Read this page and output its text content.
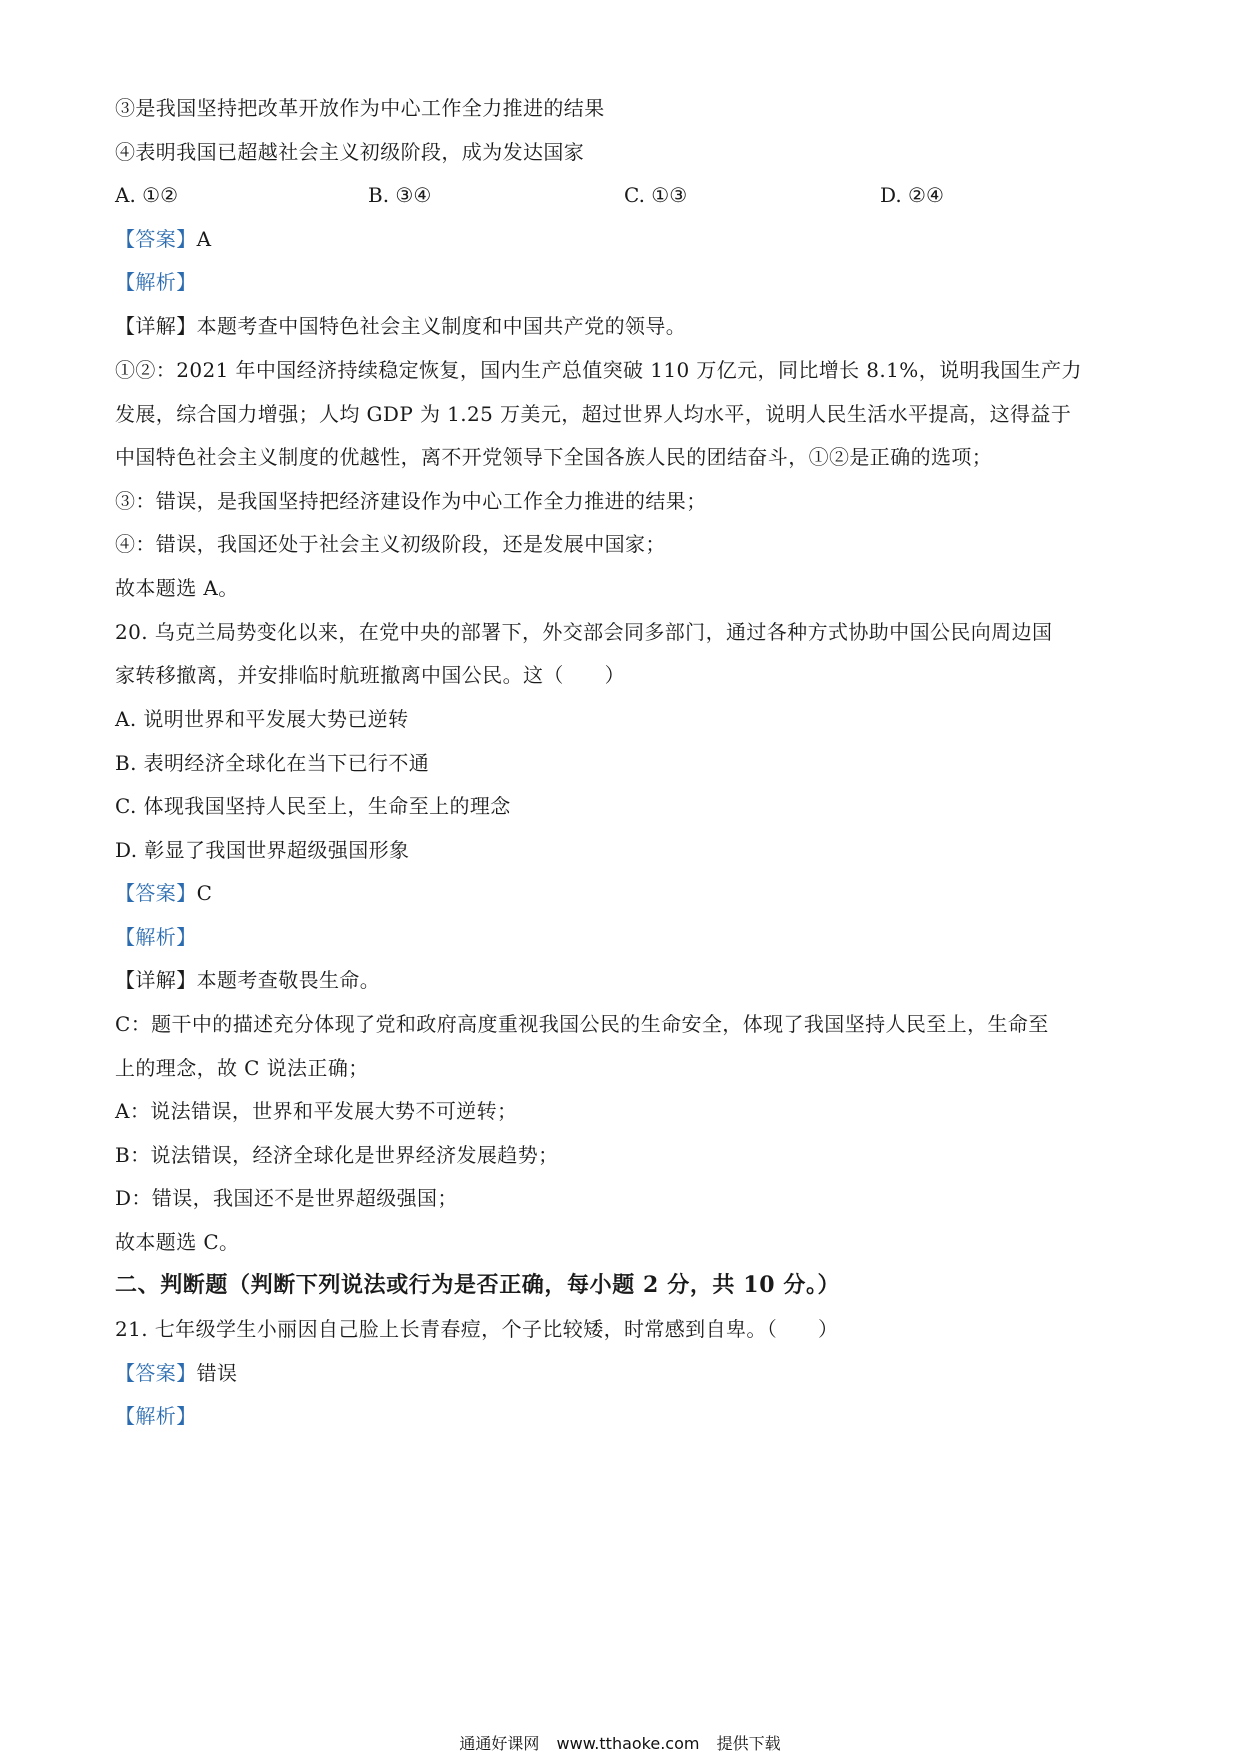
③是我国坚持把改革开放作为中心工作全力推进的结果
④表明我国已超越社会主义初级阶段，成为发达国家
A. ①②	B. ③④	C. ①③	D. ②④
【答案】A
【解析】
【详解】本题考查中国特色社会主义制度和中国共产党的领导。
①②：2021 年中国经济持续稳定恢复，国内生产总值突破 110 万亿元，同比增长 8.1%，说明我国生产力
发展，综合国力增强；人均 GDP 为 1.25 万美元，超过世界人均水平，说明人民生活水平提高，这得益于
中国特色社会主义制度的优越性，离不开党领导下全国各族人民的团结奋斗，①②是正确的选项；
③：错误，是我国坚持把经济建设作为中心工作全力推进的结果；
④：错误，我国还处于社会主义初级阶段，还是发展中国家；
故本题选 A。
20. 乌克兰局势变化以来，在党中央的部署下，外交部会同多部门，通过各种方式协助中国公民向周边国
家转移撤离，并安排临时航班撤离中国公民。这（　　）
A. 说明世界和平发展大势已逆转
B. 表明经济全球化在当下已行不通
C. 体现我国坚持人民至上，生命至上的理念
D. 彰显了我国世界超级强国形象
【答案】C
【解析】
【详解】本题考查敬畏生命。
C：题干中的描述充分体现了党和政府高度重视我国公民的生命安全，体现了我国坚持人民至上，生命至
上的理念，故 C 说法正确；
A：说法错误，世界和平发展大势不可逆转；
B：说法错误，经济全球化是世界经济发展趋势；
D：错误，我国还不是世界超级强国；
故本题选 C。
二、判断题（判断下列说法或行为是否正确，每小题 2 分，共 10 分。）
21. 七年级学生小丽因自己脸上长青春痘，个子比较矮，时常感到自卑。（　　）
【答案】错误
【解析】
通通好课网 www.tthaoke.com 提供下载
